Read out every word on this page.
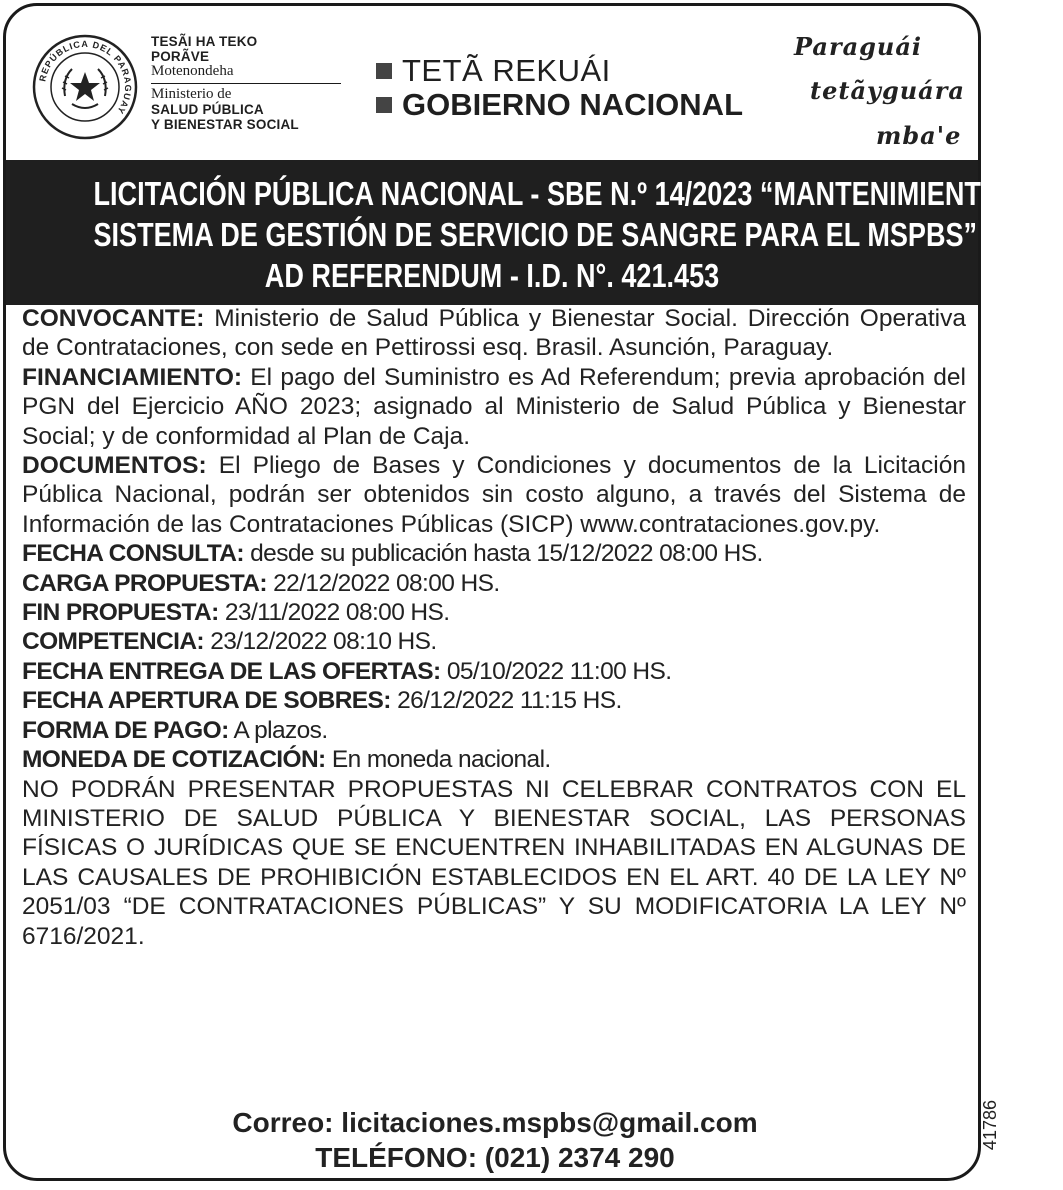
REPÚBLICA DEL PARAGUAY
TESÃI HA TEKO
PORÃVE
Motenondeha
Ministerio de
SALUD PÚBLICA
Y BIENESTAR SOCIAL
TETÃ REKUÁI
GOBIERNO NACIONAL
Paraguái
tetãyguára
mba'e
LICITACIÓN PÚBLICA NACIONAL - SBE N.º 14/2023 “MANTENIMIENTO DEL
SISTEMA DE GESTIÓN DE SERVICIO DE SANGRE PARA EL MSPBS” –
AD REFERENDUM - I.D. N°. 421.453

CONVOCANTE: Ministerio de Salud Pública y Bienestar Social. Dirección Operativa de Contrataciones, con sede en Pettirossi esq. Brasil. Asunción, Paraguay.

FINANCIAMIENTO: El pago del Suministro es Ad Referendum; previa aprobación del PGN del Ejercicio AÑO 2023; asignado al Ministerio de Salud Pública y Bienestar Social; y de conformidad al Plan de Caja.

DOCUMENTOS: El Pliego de Bases y Condiciones y documentos de la Licitación Pública Nacional, podrán ser obtenidos sin costo alguno, a través del Sistema de Información de las Contrataciones Públicas (SICP) www.contrataciones.gov.py.

FECHA CONSULTA: desde su publicación hasta 15/12/2022 08:00 HS.

CARGA PROPUESTA: 22/12/2022 08:00 HS.

FIN PROPUESTA: 23/11/2022 08:00 HS.

COMPETENCIA: 23/12/2022 08:10 HS.

FECHA ENTREGA DE LAS OFERTAS: 05/10/2022 11:00 HS.

FECHA APERTURA DE SOBRES: 26/12/2022 11:15 HS.

FORMA DE PAGO: A plazos.

MONEDA DE COTIZACIÓN: En moneda nacional.

NO PODRÁN PRESENTAR PROPUESTAS NI CELEBRAR CONTRATOS CON EL MINISTERIO DE SALUD PÚBLICA Y BIENESTAR SOCIAL, LAS PERSONAS FÍSICAS O JURÍDICAS QUE SE ENCUENTREN INHABILITADAS EN ALGUNAS DE LAS CAUSALES DE PROHIBICIÓN ESTABLECIDOS EN EL ART. 40 DE LA LEY Nº 2051/03 “DE CONTRATACIONES PÚBLICAS” Y SU MODIFICATORIA LA LEY Nº 6716/2021.

Correo: licitaciones.mspbs@gmail.com
TELÉFONO: (021) 2374 290
41786
